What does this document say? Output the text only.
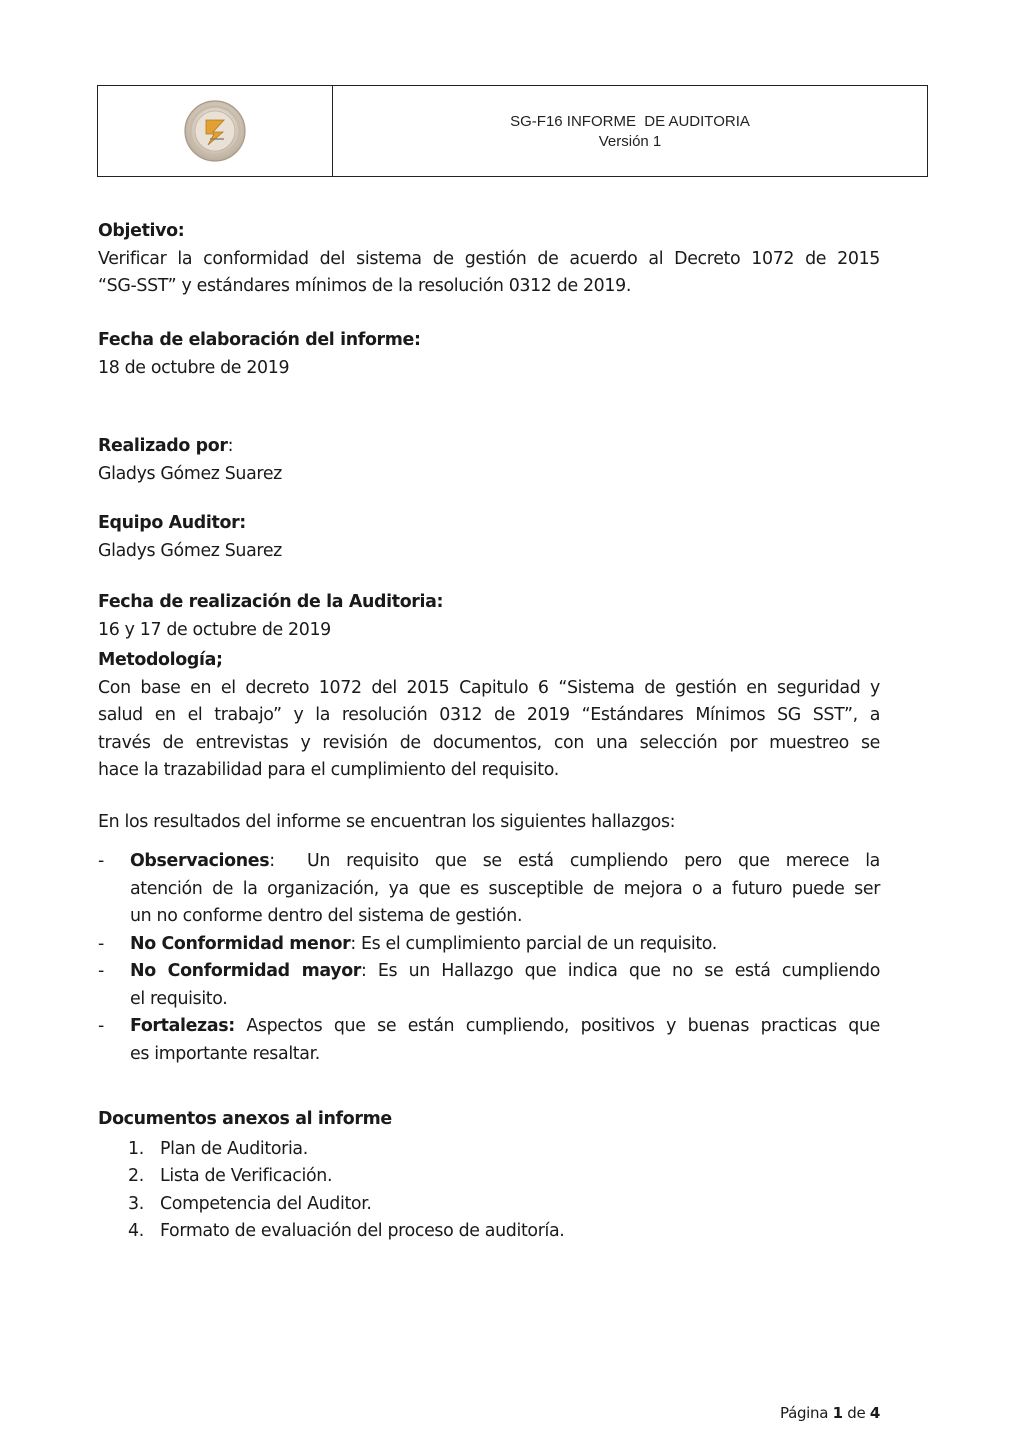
SG-F16 INFORME  DE AUDITORIA
Versión 1
Objetivo:
Verificar la conformidad del sistema de gestión de acuerdo al Decreto 1072 de 2015
“SG-SST” y estándares mínimos de la resolución 0312 de 2019.
Fecha de elaboración del informe:
18 de octubre de 2019
Realizado por:
Gladys Gómez Suarez
Equipo Auditor:
Gladys Gómez Suarez
Fecha de realización de la Auditoria:
16 y 17 de octubre de 2019
Metodología;
Con base en el decreto 1072 del 2015 Capitulo 6 “Sistema de gestión en seguridad y
salud en el trabajo” y la resolución 0312 de 2019 “Estándares Mínimos SG SST”, a
través de entrevistas y revisión de documentos, con una selección por muestreo se
hace la trazabilidad para el cumplimiento del requisito.
En los resultados del informe se encuentran los siguientes hallazgos:
- Observaciones:  Un requisito que se está cumpliendo pero que merece la
atención de la organización, ya que es susceptible de mejora o a futuro puede ser
un no conforme dentro del sistema de gestión.
- No Conformidad menor: Es el cumplimiento parcial de un requisito.
- No Conformidad mayor: Es un Hallazgo que indica que no se está cumpliendo
el requisito.
- Fortalezas: Aspectos que se están cumpliendo, positivos y buenas practicas que
es importante resaltar.
Documentos anexos al informe
1. Plan de Auditoria.
2. Lista de Verificación.
3. Competencia del Auditor.
4. Formato de evaluación del proceso de auditoría.
Página 1 de 4
